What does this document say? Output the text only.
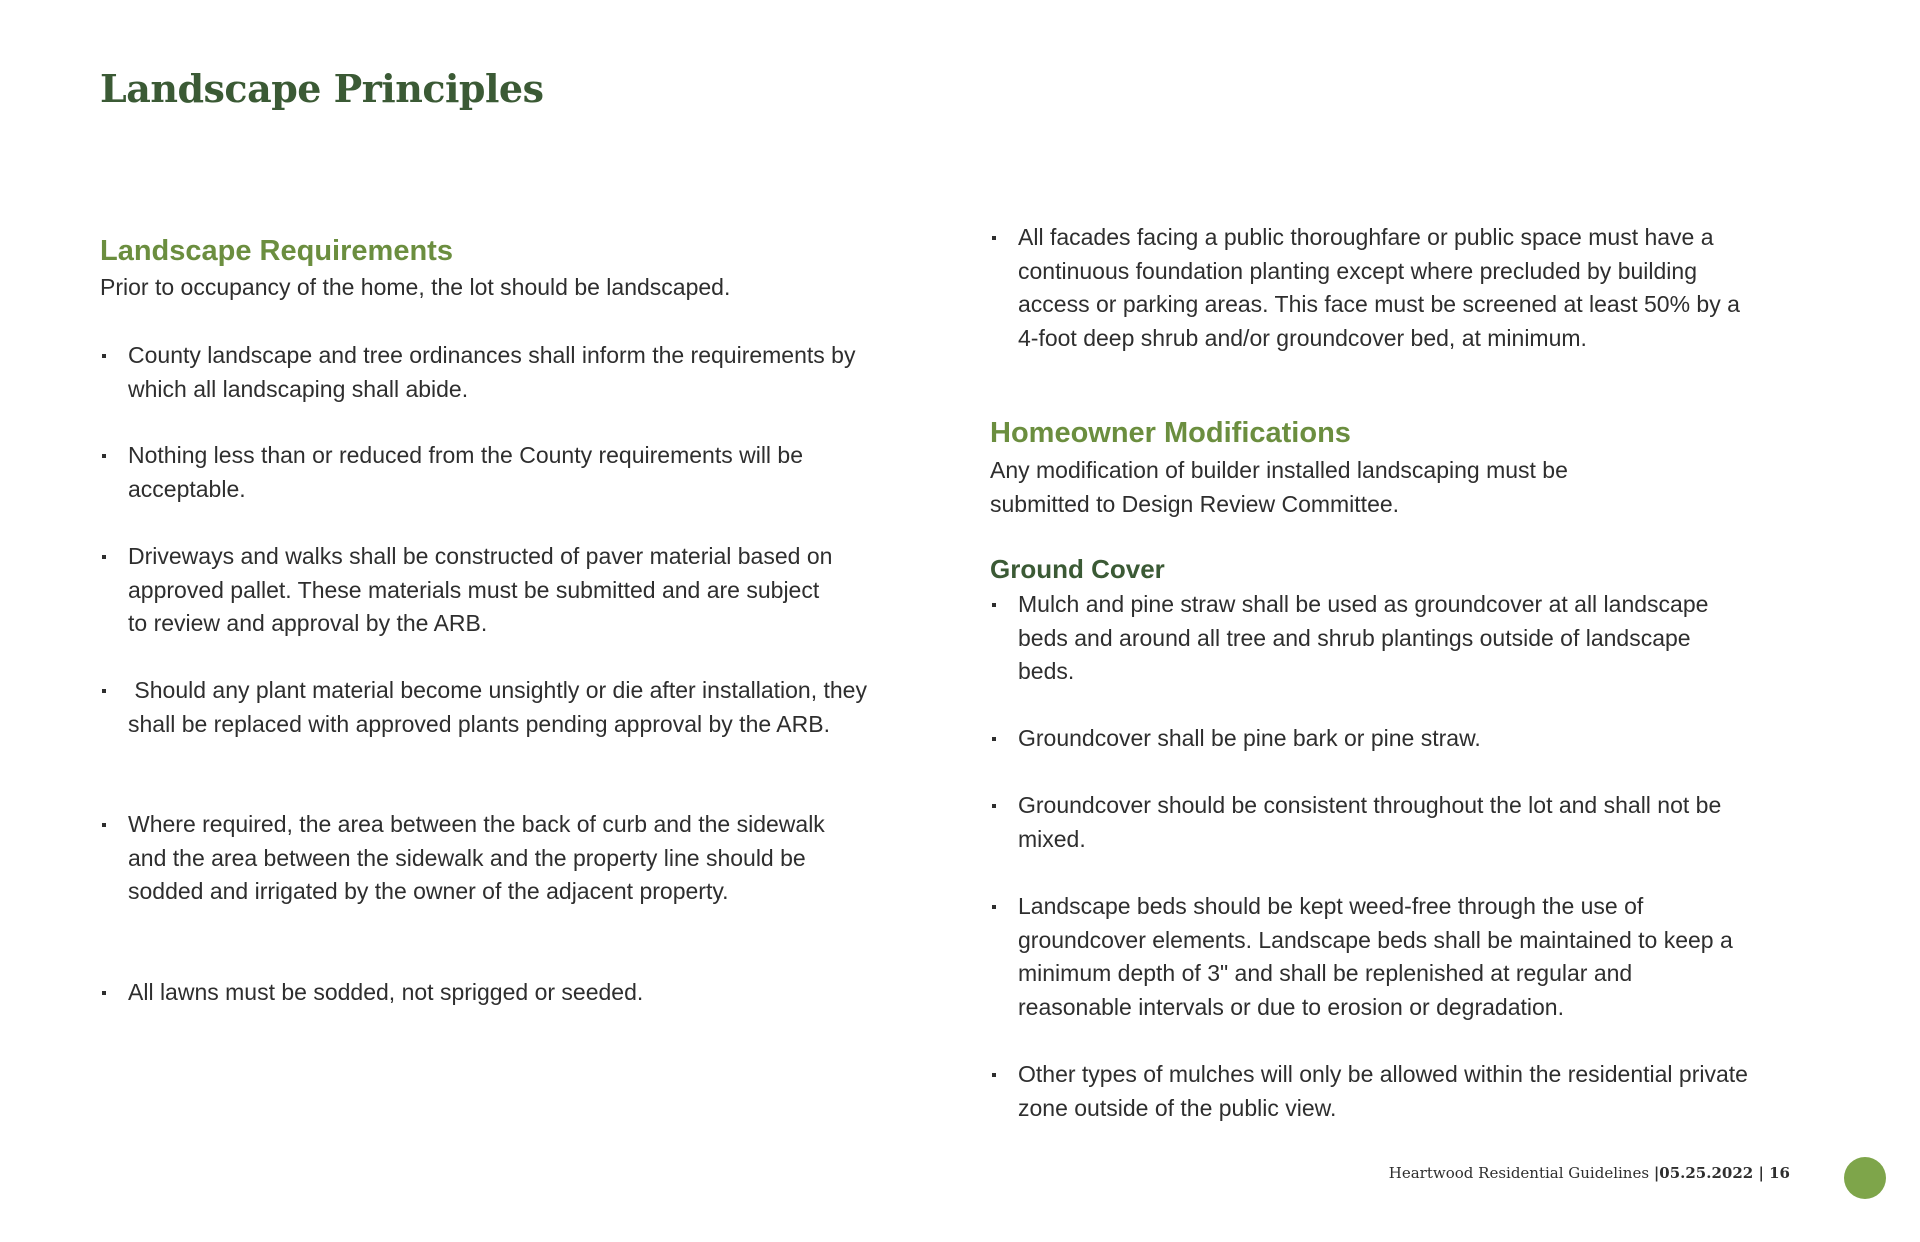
Landscape Principles
Landscape Requirements

Prior to occupancy of the home, the lot should be landscaped.

County landscape and tree ordinances shall inform the requirements by which all landscaping shall abide.
Nothing less than or reduced from the County requirements will be acceptable.
Driveways and walks shall be constructed of paver material based on approved pallet. These materials must be submitted and are subject to review and approval by the ARB.
Should any plant material become unsightly or die after installation, they shall be replaced with approved plants pending approval by the ARB.
Where required, the area between the back of curb and the sidewalk and the area between the sidewalk and the property line should be sodded and irrigated by the owner of the adjacent property.
All lawns must be sodded, not sprigged or seeded.
All facades facing a public thoroughfare or public space must have a continuous foundation planting except where precluded by building access or parking areas. This face must be screened at least 50% by a 4-foot deep shrub and/or groundcover bed, at minimum.
Homeowner Modifications

Any modification of builder installed landscaping must be submitted to Design Review Committee.

Ground Cover
Mulch and pine straw shall be used as groundcover at all landscape beds and around all tree and shrub plantings outside of landscape beds.
Groundcover shall be pine bark or pine straw.
Groundcover should be consistent throughout the lot and shall not be mixed.
Landscape beds should be kept weed-free through the use of groundcover elements. Landscape beds shall be maintained to keep a minimum depth of 3" and shall be replenished at regular and reasonable intervals or due to erosion or degradation.
Other types of mulches will only be allowed within the residential private zone outside of the public view.
Heartwood Residential Guidelines |05.25.2022 | 16
